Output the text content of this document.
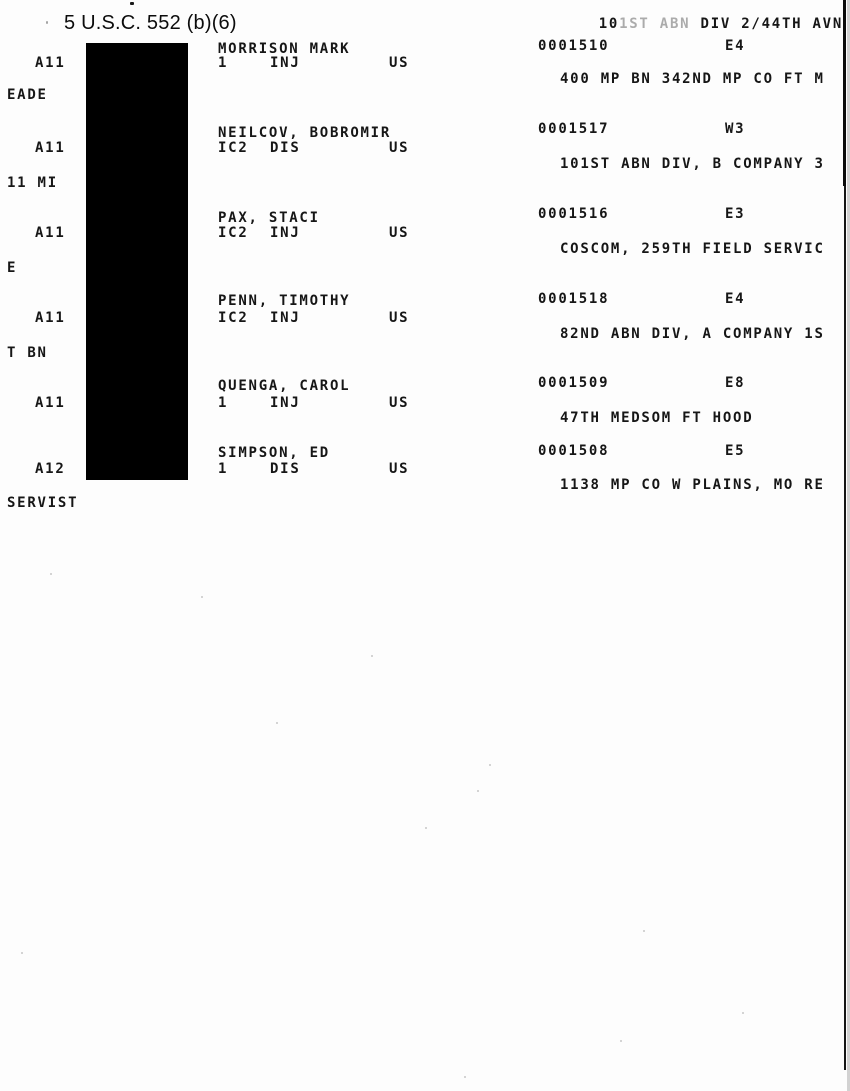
5 U.S.C. 552 (b)(6)	101ST ABN DIV 2/44TH AVN

MORRISON MARK
A11	1	INJ	US
0001510	E4
400 MP BN 342ND MP CO FT M
EADE
NEILCOV, BOBROMIR
A11	IC2 DIS	US
0001517	W3
101ST ABN DIV, B COMPANY 3
11 MI
PAX, STACI
A11	IC2 INJ	US
0001516	E3
COSCOM, 259TH FIELD SERVIC
E
PENN, TIMOTHY
A11	IC2 INJ	US
0001518	E4
82ND ABN DIV, A COMPANY 1S
T BN
QUENGA, CAROL
A11	1	INJ	US
0001509	E8
47TH MEDSOM FT HOOD
SIMPSON, ED
A12	1	DIS	US
0001508	E5
1138 MP CO W PLAINS, MO RE
SERVIST
